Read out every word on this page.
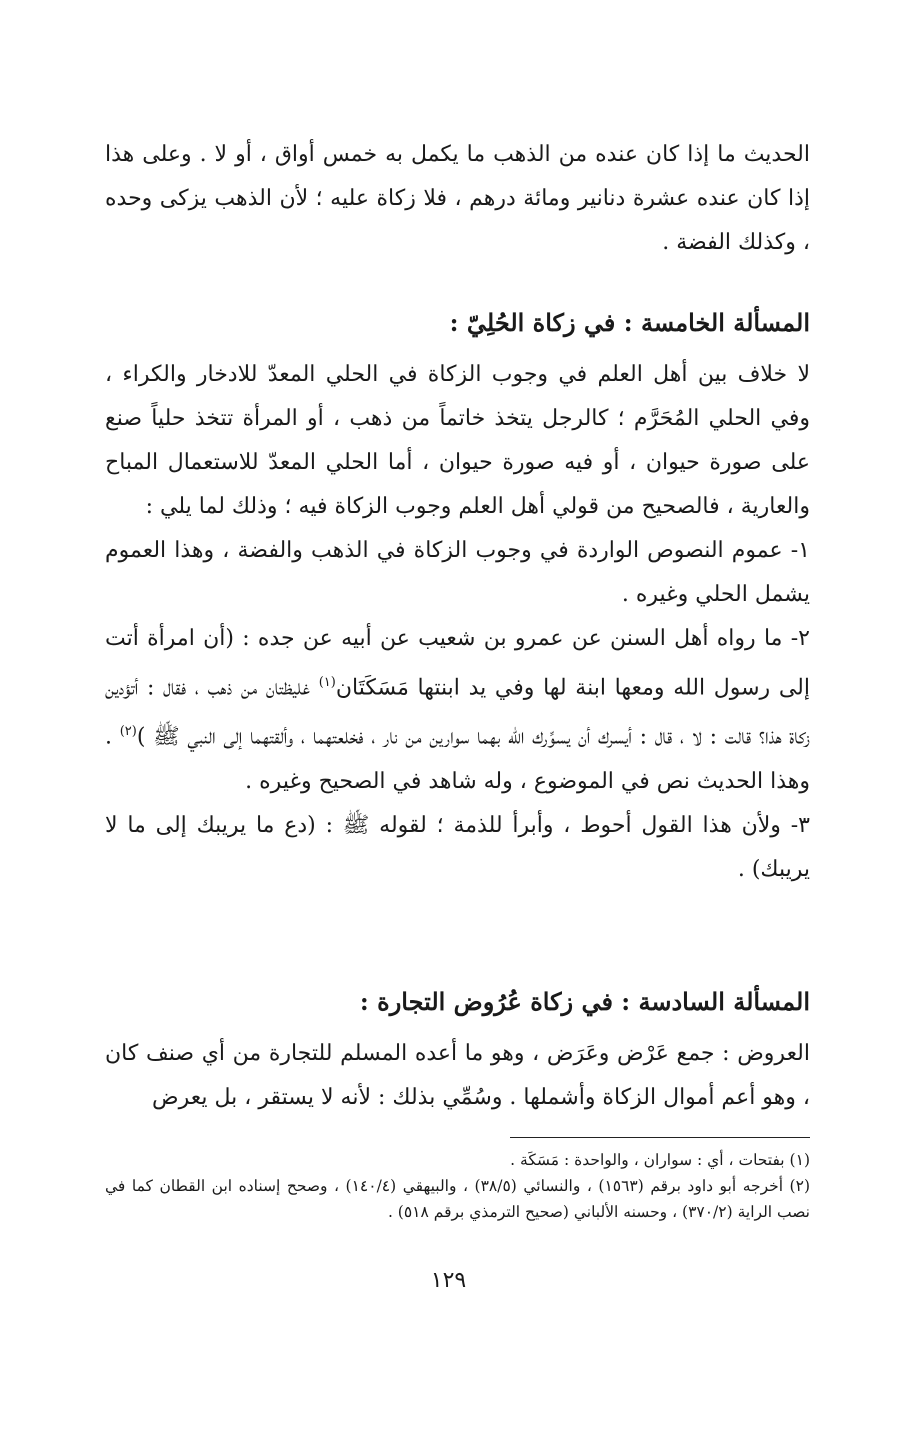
الحديث ما إذا كان عنده من الذهب ما يكمل به خمس أواق ، أو لا . وعلى هذا إذا كان عنده عشرة دنانير ومائة درهم ، فلا زكاة عليه ؛ لأن الذهب يزكى وحده ، وكذلك الفضة .

المسألة الخامسة : في زكاة الحُلِيّ :

لا خلاف بين أهل العلم في وجوب الزكاة في الحلي المعدّ للادخار والكراء ، وفي الحلي المُحَرَّم ؛ كالرجل يتخذ خاتماً من ذهب ، أو المرأة تتخذ حلياً صنع على صورة حيوان ، أو فيه صورة حيوان ، أما الحلي المعدّ للاستعمال المباح والعارية ، فالصحيح من قولي أهل العلم وجوب الزكاة فيه ؛ وذلك لما يلي :

١- عموم النصوص الواردة في وجوب الزكاة في الذهب والفضة ، وهذا العموم يشمل الحلي وغيره .

٢- ما رواه أهل السنن عن عمرو بن شعيب عن أبيه عن جده : (أن امرأة أتت إلى رسول الله ومعها ابنة لها وفي يد ابنتها مَسَكَتَان$^{(١)}$ غليظتان من ذهب ، فقال : أتؤدين زكاة هذا؟ قالت : لا ، قال : أيسرك أن يسوِّرك الله بهما سوارين من نار ، فخلعتهما ، وألقتهما إلى النبي ﷺ )$^{(٢)}$ . وهذا الحديث نص في الموضوع ، وله شاهد في الصحيح وغيره .

٣- ولأن هذا القول أحوط ، وأبرأ للذمة ؛ لقوله ﷺ : (دع ما يريبك إلى ما لا يريبك) .

المسألة السادسة : في زكاة عُرُوض التجارة :

العروض : جمع عَرْض وعَرَض ، وهو ما أعده المسلم للتجارة من أي صنف كان ، وهو أعم أموال الزكاة وأشملها . وسُمِّي بذلك : لأنه لا يستقر ، بل يعرض

(١) بفتحات ، أي : سواران ، والواحدة : مَسَكَة .

(٢) أخرجه أبو داود برقم (١٥٦٣) ، والنسائي (٣٨/٥) ، والبيهقي (١٤٠/٤) ، وصحح إسناده ابن القطان كما في نصب الراية (٣٧٠/٢) ، وحسنه الألباني (صحيح الترمذي برقم ٥١٨) .

١٢٩
